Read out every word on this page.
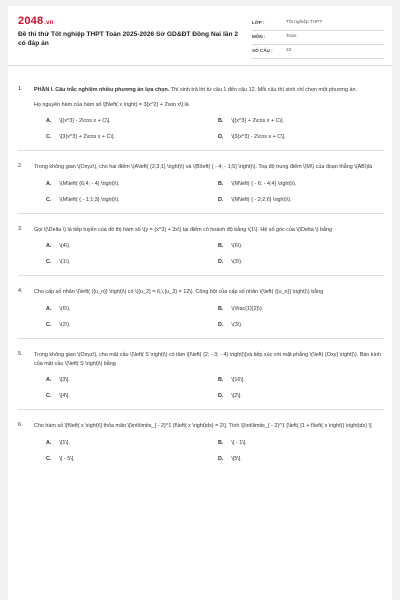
2048.vn
Đề thi thử Tốt nghiệp THPT Toán 2025-2026 Sở GD&ĐT Đồng Nai lần 2 có đáp án
LỚP :	Tốt nghiệp THPT
MÔN :	Toán
SỐ CÂU :	22
1. PHẦN I. Câu trắc nghiệm nhiều phương án lựa chọn. Thí sinh trả lời từ câu 1 đến câu 12. Mỗi câu thí sinh chỉ chọn một phương án.
Họ nguyên hàm của hàm số \[f\left( x \right) = 3{x^2} + 2\sin x\] là
A. \[{x^3} - 2\cos x + C\].	B. \[{x^3} + 2\cos x + C\].
C. \[3{x^3} + 2\cos x + C\].	D. \[3{x^3} - 2\cos x + C\].
2. Trong không gian \(Oxyz\), cho hai điểm \(A\left( {2;3;1} \right)\) và \(B\left( { - 4; - 1;5} \right)\). Toạ độ trung điểm \(M\) của đoạn thẳng \(AB\)là
A. \(M\left( {6;4; - 4} \right)\).	B. \(M\left( { - 6; - 4;4} \right)\).
C. \(M\left( { - 1;1;3} \right)\).	D. \(M\left( { - 2;2;6} \right)\).
3. Gọi \(\Delta \) là tiếp tuyến của đồ thị hàm số \(y = {x^3} + 3x\) tại điểm có hoành độ bằng \(1\). Hệ số góc của \(\Delta \) bằng
A. \(4\).	B. \(6\).
C. \(1\).	D. \(3\).
4. Cho cấp số nhân \(\left( {{u_n}} \right)\) có \({u_2} = 6,\,{u_3} = 12\). Công bội của cấp số nhân \(\left( {{u_n}} \right)\) bằng
A. \(6\).	B. \(\frac{1}{2}\).
C. \(2\).	D. \(3\).
5. Trong không gian \(Oxyz\), cho mặt cầu \(\left( S \right)\) có tâm \[I\left( {2; - 3; - 4} \right)\]và tiếp xúc với mặt phẳng \(\left( {Oxy} \right)\). Bán kính của mặt cầu \(\left( S \right)\) bằng
A. \[3\].	B. \[16\].
C. \[4\].	D. \[2\].
6. Cho hàm số \[f\left( x \right)\] thỏa mãn \[\int\limits_{ - 2}^1 {f\left( x \right)dx} = 2\]. Tính \[\int\limits_{ - 2}^1 {\left( {1 + f\left( x \right)} \right)dx} \]
A. \[1\].	B. \[ - 1\].
C. \[ - 5\].	D. \[5\].
